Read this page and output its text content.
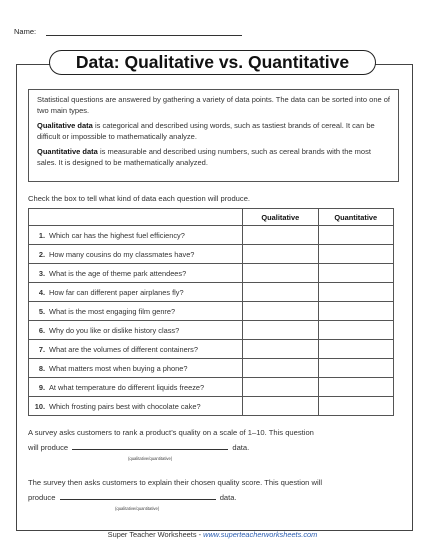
Name:
Data: Qualitative vs. Quantitative

Statistical questions are answered by gathering a variety of data points. The data can be sorted into one of two main types.

Qualitative data is categorical and described using words, such as tastiest brands of cereal. It can be difficult or impossible to mathematically analyze.

Quantitative data is measurable and described using numbers, such as cereal brands with the most sales. It is designed to be mathematically analyzed.

Check the box to tell what kind of data each question will produce.
	Qualitative	Quantitative
1. Which car has the highest fuel efficiency?		
2. How many cousins do my classmates have?		
3. What is the age of theme park attendees?		
4. How far can different paper airplanes fly?		
5. What is the most engaging film genre?		
6. Why do you like or dislike history class?		
7. What are the volumes of different containers?		
8. What matters most when buying a phone?		
9. At what temperature do different liquids freeze?		
10. Which frosting pairs best with chocolate cake?		
A survey asks customers to rank a product’s quality on a scale of 1–10. This question
will produce	data.
(qualitative/quantitative)
The survey then asks customers to explain their chosen quality score. This question will
produce	data.
(qualitative/quantitative)
Super Teacher Worksheets - www.superteacherworksheets.com
